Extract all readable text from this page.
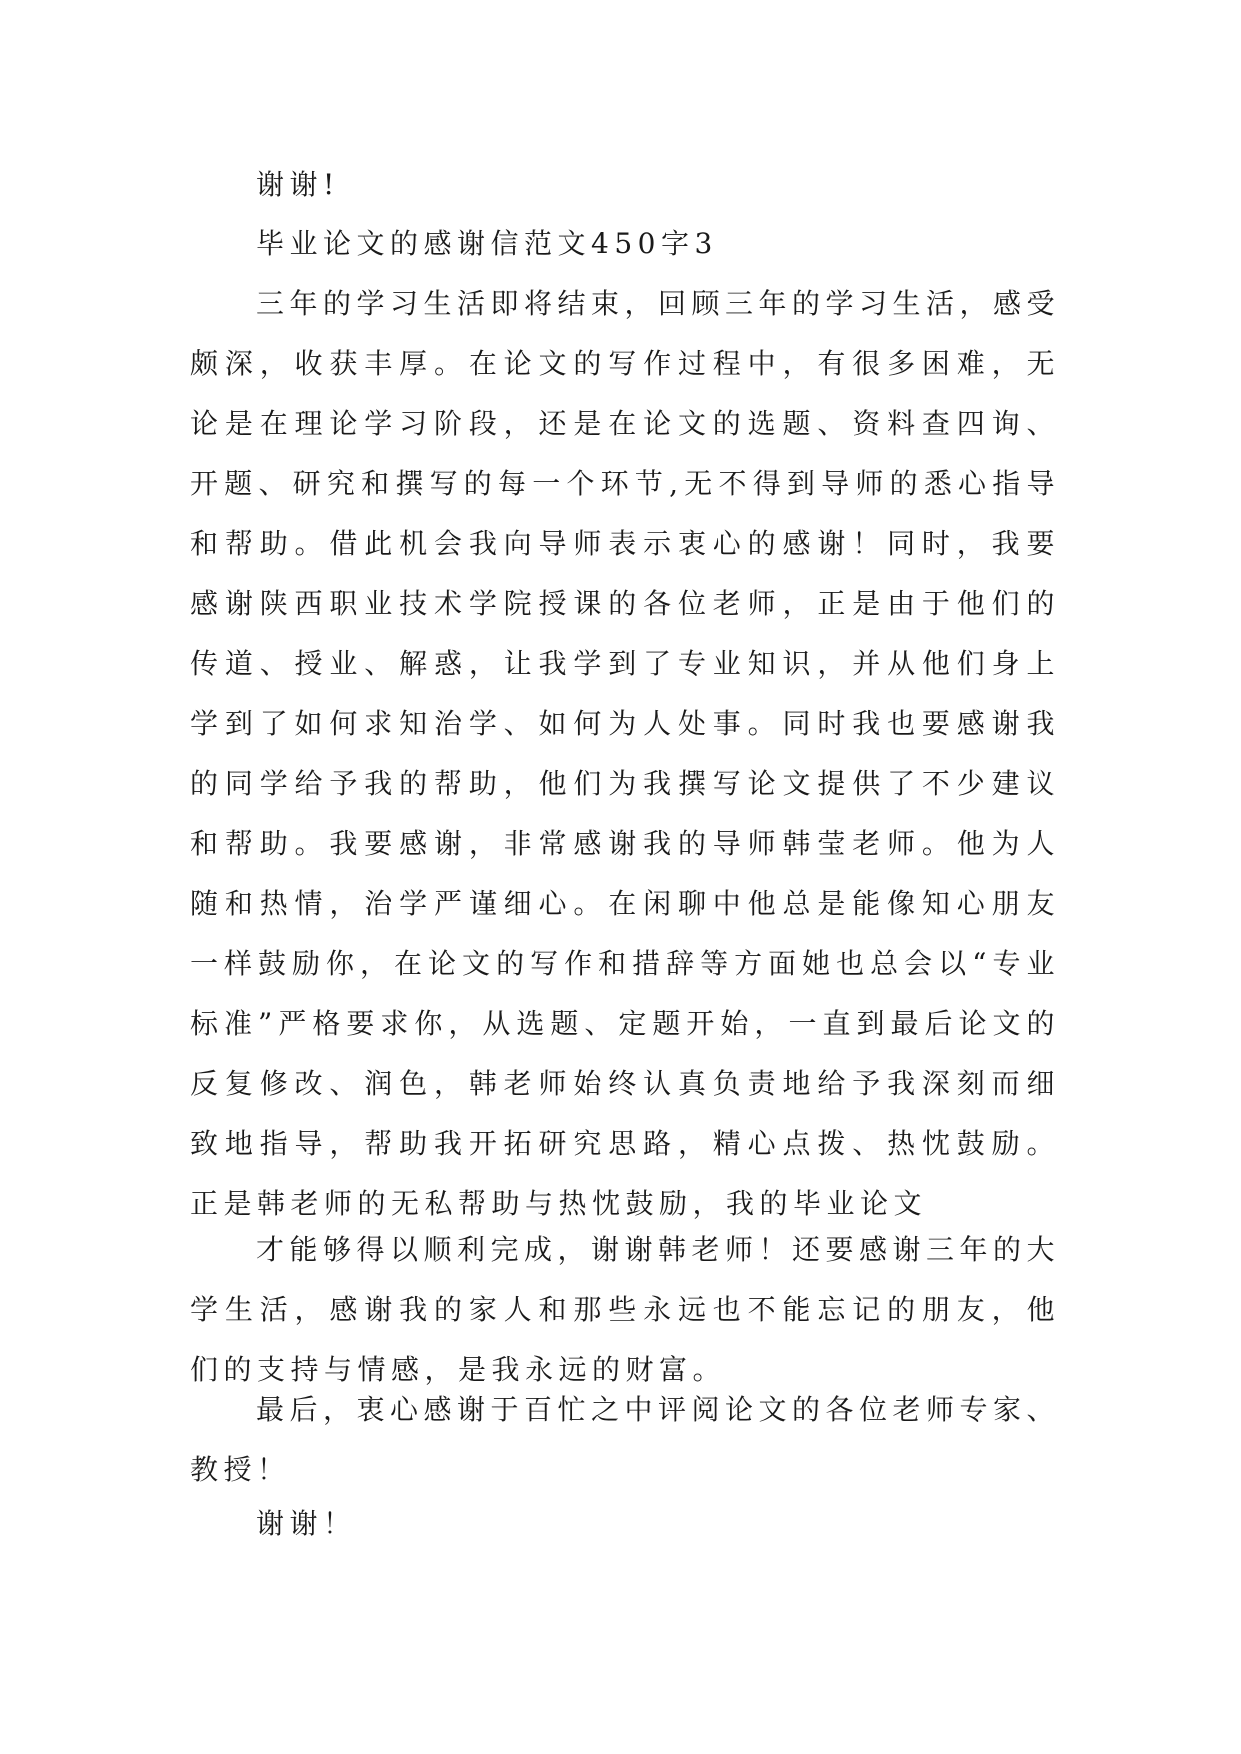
谢谢!

毕业论文的感谢信范文450字3

三年的学习生活即将结束，回顾三年的学习生活，感受颇深，收获丰厚。在论文的写作过程中，有很多困难，无论是在理论学习阶段，还是在论文的选题、资料查四询、开题、研究和撰写的每一个环节,无不得到导师的悉心指导和帮助。借此机会我向导师表示衷心的感谢！同时，我要感谢陕西职业技术学院授课的各位老师，正是由于他们的传道、授业、解惑，让我学到了专业知识，并从他们身上学到了如何求知治学、如何为人处事。同时我也要感谢我的同学给予我的帮助，他们为我撰写论文提供了不少建议和帮助。我要感谢，非常感谢我的导师韩莹老师。他为人随和热情，治学严谨细心。在闲聊中他总是能像知心朋友一样鼓励你，在论文的写作和措辞等方面她也总会以“专业标准”严格要求你，从选题、定题开始，一直到最后论文的反复修改、润色，韩老师始终认真负责地给予我深刻而细致地指导，帮助我开拓研究思路，精心点拨、热忱鼓励。正是韩老师的无私帮助与热忱鼓励，我的毕业论文

才能够得以顺利完成，谢谢韩老师！还要感谢三年的大学生活，感谢我的家人和那些永远也不能忘记的朋友，他们的支持与情感，是我永远的财富。

最后，衷心感谢于百忙之中评阅论文的各位老师专家、教授！

谢谢！
